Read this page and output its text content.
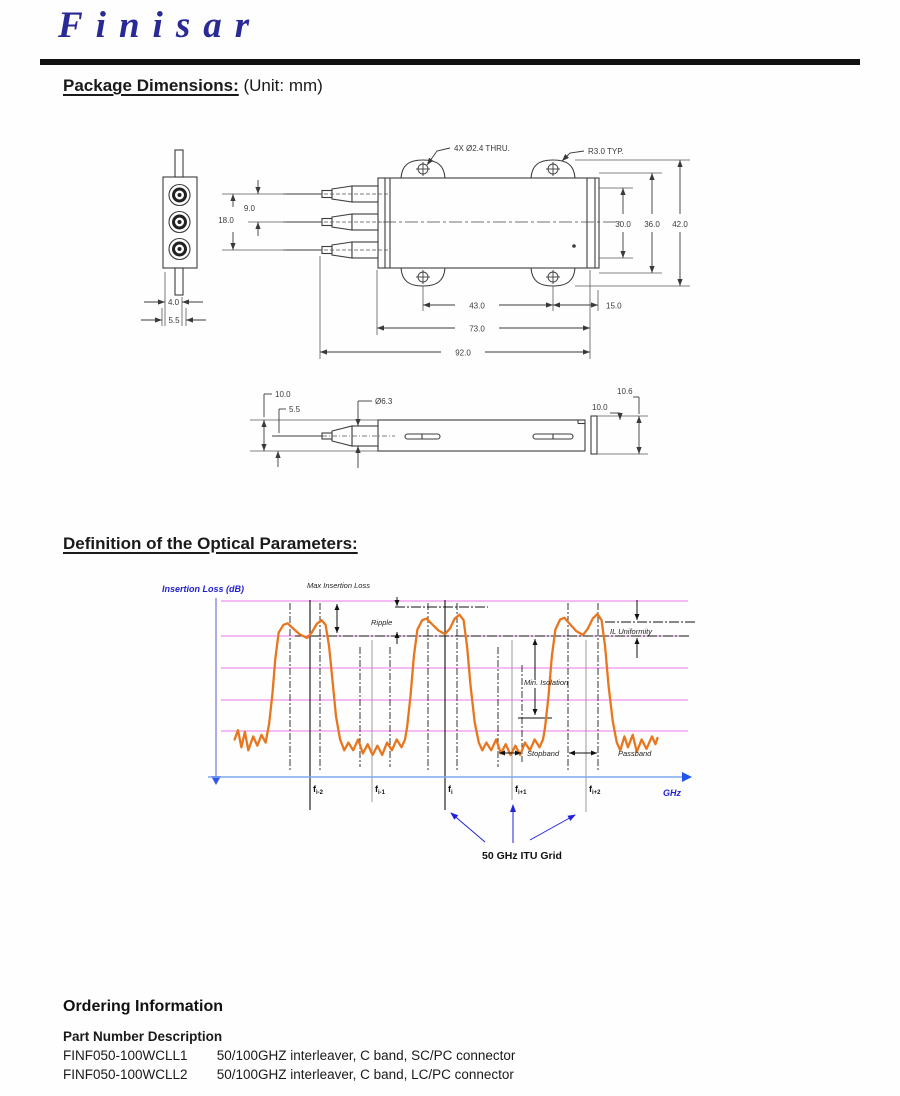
Finisar
Package Dimensions: (Unit: mm)
4.0
5.5
9.0
18.0
4X Ø2.4 THRU.	R3.0 TYP.
30.0 36.0 42.0
43.0	15.0
73.0
92.0
10.0
5.5
Ø6.3
10.6
10.0
Definition of the Optical Parameters:
Insertion Loss (dB)
GHz
Max Insertion Loss
Ripple
Min. Isolation
IL Uniformity
Stopband	Passband
$f_{i-2}$	$f_{i-1}$	$f_i$	$f_{i+1}$	$f_{i+2}$
50 GHz ITU Grid
Ordering Information
Part Number Description
FINF050-100WCLL1 50/100GHZ interleaver, C band, SC/PC connector
FINF050-100WCLL2 50/100GHZ interleaver, C band, LC/PC connector
